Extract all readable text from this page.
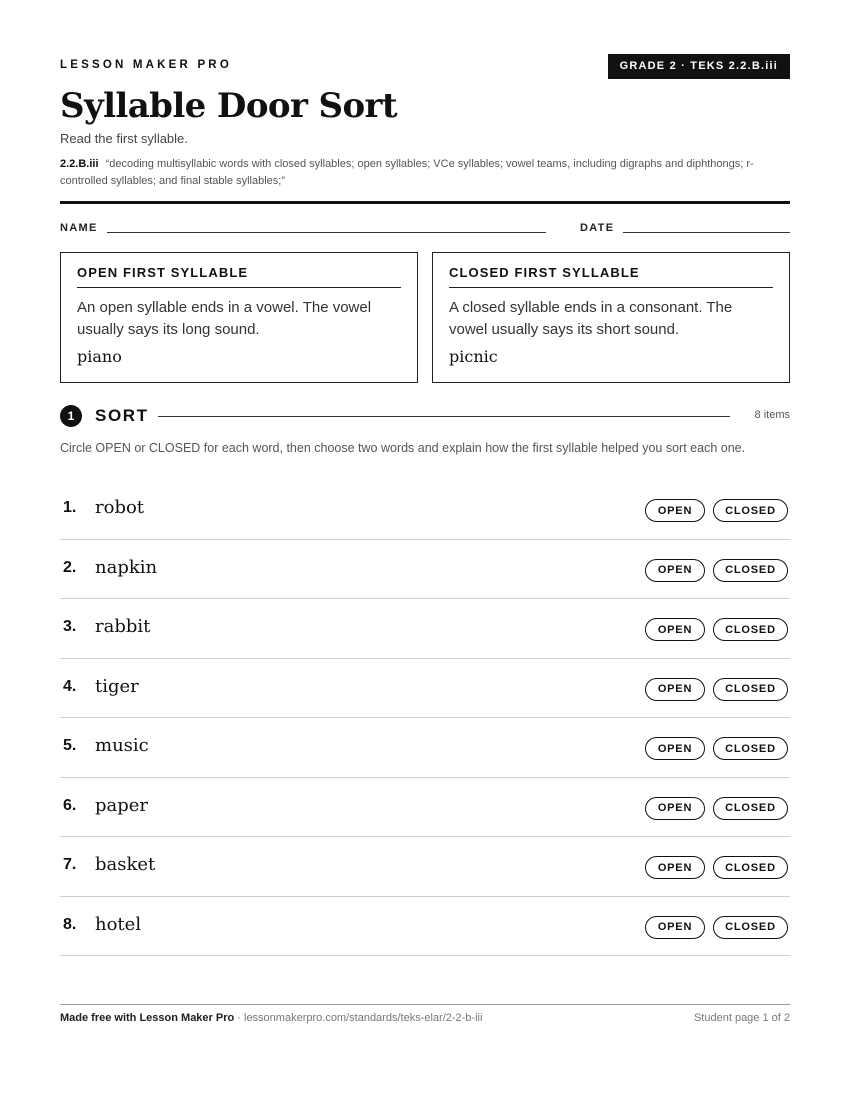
LESSON MAKER PRO	GRADE 2 · TEKS 2.2.B.iii
Syllable Door Sort
Read the first syllable.
2.2.B.iii “decoding multisyllabic words with closed syllables; open syllables; VCe syllables; vowel teams, including digraphs and diphthongs; r-controlled syllables; and final stable syllables;”
NAME	DATE
OPEN FIRST SYLLABLE
An open syllable ends in a vowel. The vowel usually says its long sound.
piano
CLOSED FIRST SYLLABLE
A closed syllable ends in a consonant. The vowel usually says its short sound.
picnic
1	SORT	8 items
Circle OPEN or CLOSED for each word, then choose two words and explain how the first syllable helped you sort each one.
1. robot	OPEN	CLOSED
2. napkin	OPEN	CLOSED
3. rabbit	OPEN	CLOSED
4. tiger	OPEN	CLOSED
5. music	OPEN	CLOSED
6. paper	OPEN	CLOSED
7. basket	OPEN	CLOSED
8. hotel	OPEN	CLOSED
Made free with Lesson Maker Pro · lessonmakerpro.com/standards/teks-elar/2-2-b-iii	Student page 1 of 2
